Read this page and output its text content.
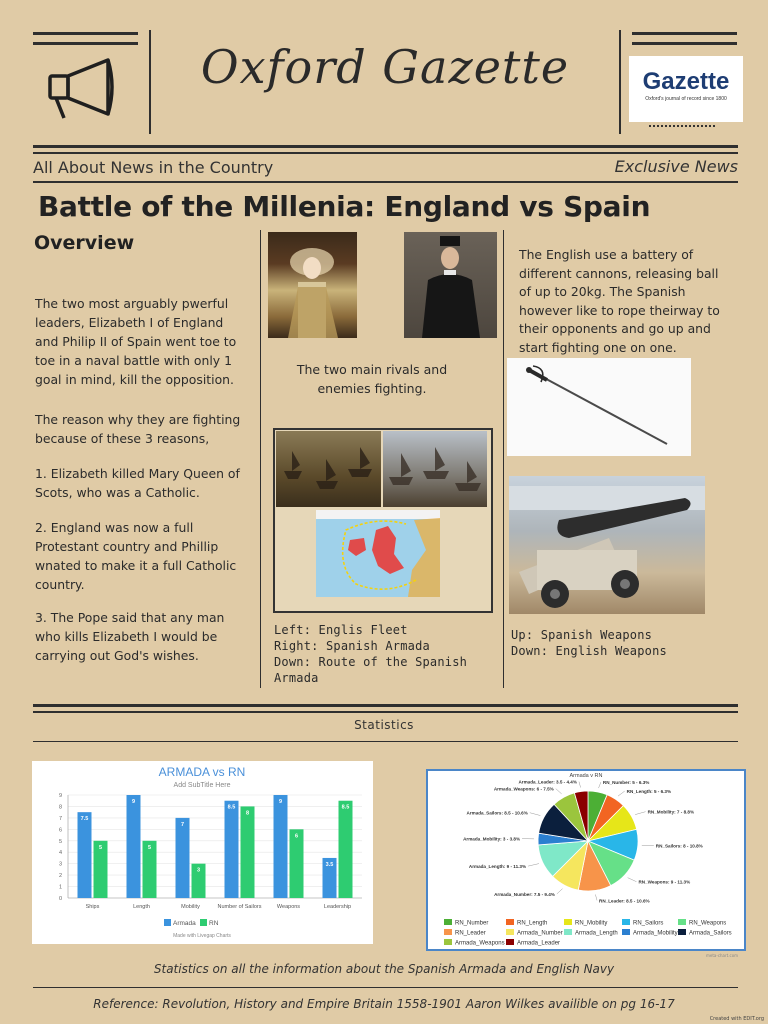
Oxford Gazette	Gazette
Oxford's journal of record since 1800
All About News in the Country	Exclusive News
Battle of the Millenia: England vs Spain
Overview
The two most arguably pwerful
leaders, Elizabeth I of England
and Philip II of Spain went toe to
toe in a naval battle with only 1
goal in mind, kill the opposition.
The reason why they are fighting
because of these 3 reasons,
1. Elizabeth killed Mary Queen of
Scots, who was a Catholic.
2. England was now a full
Protestant country and Phillip
wnated to make it a full Catholic
country.
3. The Pope said that any man
who kills Elizabeth I would be
carrying out God's wishes.
The two main rivals and
enemies fighting.
Left: Englis Fleet
Right: Spanish Armada
Down: Route of the Spanish
Armada
The English use a battery of
different cannons, releasing ball
of up to 20kg. The Spanish
however like to rope theirway to
their opponents and go up and
start fighting one on one.
Up: Spanish Weapons
Down: English Weapons
Statistics
ARMADA vs RN
Add SubTitle Here
0
1
2
3
4
5
6
7
8
9
7.5
5
Ships
9
5
Length
7
3
Mobility
8.5
8
Number of Sailors
9
6
Weapons
3.5
8.5
Leadership
Armada RN
Made with Livegap Charts
Armada v RN
RN_Number: 5 - 6.3%
RN_Length: 5 - 6.3%
RN_Mobility: 7 - 8.8%
RN_Sailors: 8 - 10.8%
RN_Weapons: 9 - 11.3%
RN_Leader: 8.5 - 10.6%
Armada_Number: 7.5 - 9.4%
Armada_Length: 9 - 11.3%
Armada_Mobility: 3 - 3.8%
Armada_Sailors: 8.5 - 10.6%
Armada_Weapons: 6 - 7.5%
Armada_Leader: 3.5 - 4.4%
RN_Number	RN_Length	RN_Mobility	RN_Sailors	RN_Weapons
RN_Leader	Armada_Number Armada_Length	Armada_Mobility Armada_Sailors
Armada_Weapons Armada_Leader
meta-chart.com
Statistics on all the information about the Spanish Armada and English Navy
Reference: Revolution, History and Empire Britain 1558-1901 Aaron Wilkes availible on pg 16-17
Created with EDIT.org
